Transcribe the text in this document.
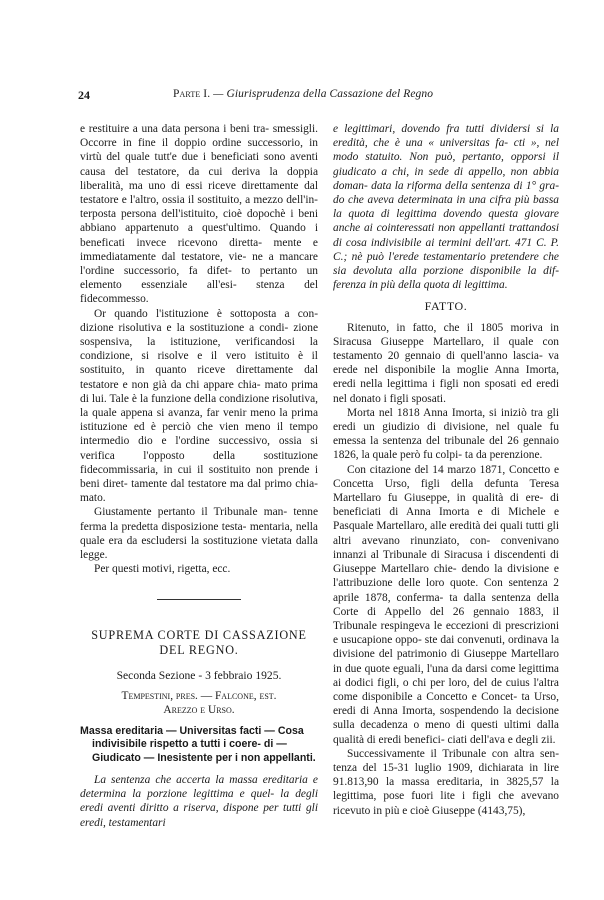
24	Parte I. — Giurisprudenza della Cassazione del Regno

e restituire a una data persona i beni tra- smessigli. Occorre in fine il doppio ordine successorio, in virtù del quale tutt'e due i beneficiati sono aventi causa del testatore, da cui deriva la doppia liberalità, ma uno di essi riceve direttamente dal testatore e l'altro, ossia il sostituito, a mezzo dell'in- terposta persona dell'istituito, cioè dopochè i beni abbiano appartenuto a quest'ultimo. Quando i beneficati invece ricevono diretta- mente e immediatamente dal testatore, vie- ne a mancare l'ordine successorio, fa difet- to pertanto un elemento essenziale all'esi- stenza del fidecommesso.

Or quando l'istituzione è sottoposta a con- dizione risolutiva e la sostituzione a condi- zione sospensiva, la istituzione, verificandosi la condizione, si risolve e il vero istituito è il sostituito, in quanto riceve direttamente dal testatore e non già da chi appare chia- mato prima di lui. Tale è la funzione della condizione risolutiva, la quale appena si avanza, far venir meno la prima istituzione ed è perciò che vien meno il tempo intermedio dio e l'ordine successivo, ossia si verifica l'opposto della sostituzione fidecommissaria, in cui il sostituito non prende i beni diret- tamente dal testatore ma dal primo chia- mato.

Giustamente pertanto il Tribunale man- tenne ferma la predetta disposizione testa- mentaria, nella quale era da escludersi la sostituzione vietata dalla legge.

Per questi motivi, rigetta, ecc.

SUPREMA CORTE DI CASSAZIONE
DEL REGNO.
Seconda Sezione - 3 febbraio 1925.
Tempestini, pres. — Falcone, est.
Arezzo e Urso.
Massa ereditaria — Universitas facti — Cosa indivisibile rispetto a tutti i coere- di — Giudicato — Inesistente per i non appellanti.

La sentenza che accerta la massa ereditaria e determina la porzione legittima e quel- la degli eredi aventi diritto a riserva, dispone per tutti gli eredi, testamentari

e legittimari, dovendo fra tutti dividersi si la eredità, che è una « universitas fa- cti », nel modo statuito. Non può, pertanto, opporsi il giudicato a chi, in sede di appello, non abbia doman- data la riforma della sentenza di 1° gra- do che aveva determinata in una cifra più bassa la quota di legittima dovendo questa giovare anche ai cointeressati non appellanti trattandosi di cosa indivisibile ai termini dell'art. 471 C. P. C.; nè può l'erede testamentario pretendere che sia devoluta alla porzione disponibile la dif- ferenza in più della quota di legittima.

FATTO.

Ritenuto, in fatto, che il 1805 moriva in Siracusa Giuseppe Martellaro, il quale con testamento 20 gennaio di quell'anno lascia- va erede nel disponibile la moglie Anna Imorta, eredi nella legittima i figli non sposati ed eredi nel donato i figli sposati.

Morta nel 1818 Anna Imorta, si iniziò tra gli eredi un giudizio di divisione, nel quale fu emessa la sentenza del tribunale del 26 gennaio 1826, la quale però fu colpi- ta da perenzione.

Con citazione del 14 marzo 1871, Concetto e Concetta Urso, figli della defunta Teresa Martellaro fu Giuseppe, in qualità di ere- di beneficiati di Anna Imorta e di Michele e Pasquale Martellaro, alle eredità dei quali tutti gli altri avevano rinunziato, con- convenivano innanzi al Tribunale di Siracusa i discendenti di Giuseppe Martellaro chie- dendo la divisione e l'attribuzione delle loro quote. Con sentenza 2 aprile 1878, conferma- ta dalla sentenza della Corte di Appello del 26 gennaio 1883, il Tribunale respingeva le eccezioni di prescrizioni e usucapione oppo- ste dai convenuti, ordinava la divisione del patrimonio di Giuseppe Martellaro in due quote eguali, l'una da darsi come legittima ai dodici figli, o chi per loro, del de cuius l'altra come disponibile a Concetto e Concet- ta Urso, eredi di Anna Imorta, sospendendo la decisione sulla decadenza o meno di questi ultimi dalla qualità di eredi benefici- ciati dell'ava e degli zii.

Successivamente il Tribunale con altra sen- tenza del 15-31 luglio 1909, dichiarata in lire 91.813,90 la massa ereditaria, in 3825,57 la legittima, pose fuori lite i figli che avevano ricevuto in più e cioè Giuseppe (4143,75),
